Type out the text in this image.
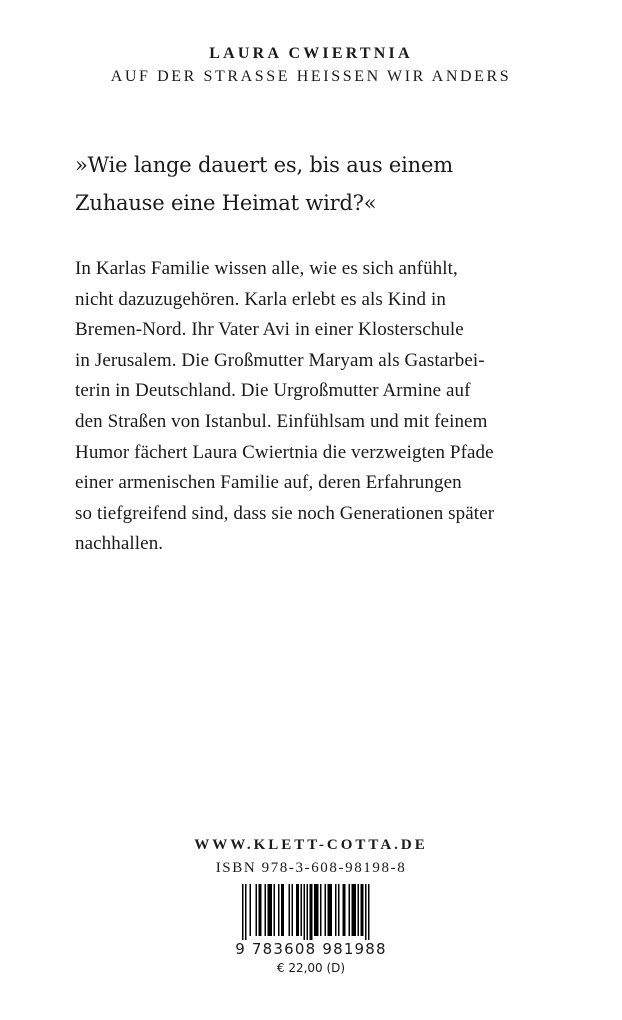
LAURA CWIERTNIA
AUF DER STRASSE HEISSEN WIR ANDERS
»Wie lange dauert es, bis aus einem
Zuhause eine Heimat wird?«
In Karlas Familie wissen alle, wie es sich anfühlt,
nicht dazuzugehören. Karla erlebt es als Kind in
Bremen-Nord. Ihr Vater Avi in einer Klosterschule
in Jerusalem. Die Großmutter Maryam als Gastarbei-
terin in Deutschland. Die Urgroßmutter Armine auf
den Straßen von Istanbul. Einfühlsam und mit feinem
Humor fächert Laura Cwiertnia die verzweigten Pfade
einer armenischen Familie auf, deren Erfahrungen
so tiefgreifend sind, dass sie noch Generationen später
nachhallen.
WWW.KLETT-COTTA.DE
ISBN 978-3-608-98198-8
9 783608 981988
€ 22,00 (D)
